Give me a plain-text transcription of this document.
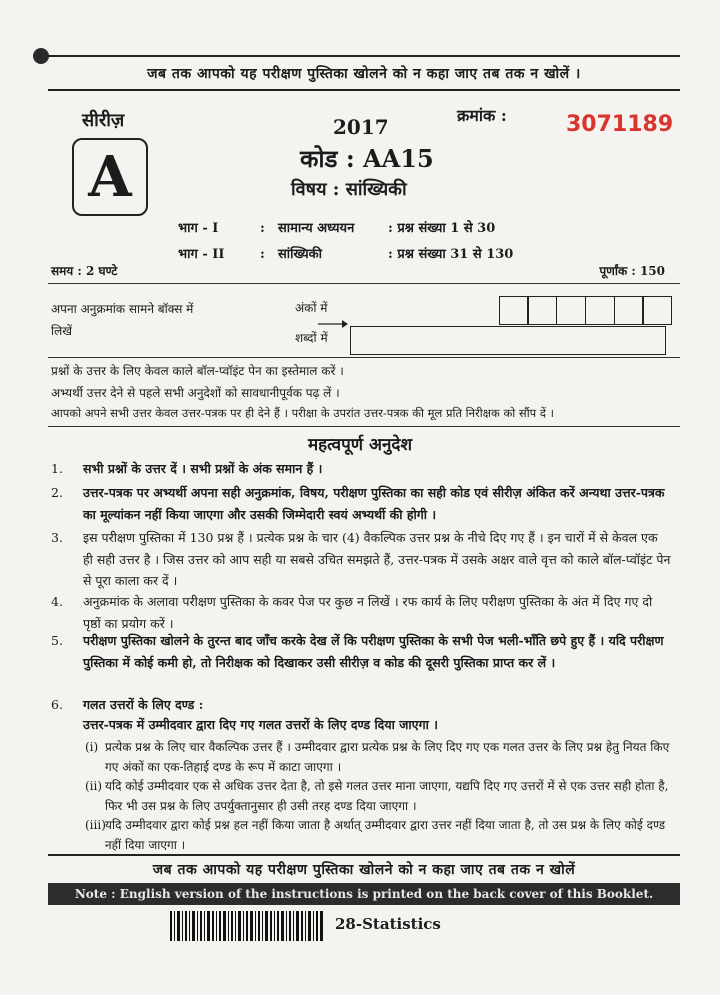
जब तक आपको यह परीक्षण पुस्तिका खोलने को न कहा जाए तब तक न खोलें ।
सीरीज़
A
2017
कोड : AA15
विषय : सांख्यिकी
क्रमांक :	3071189
भाग - I	: सामान्य अध्ययन	: प्रश्न संख्या 1 से 30
भाग - II	: सांख्यिकी	: प्रश्न संख्या 31 से 130
समय : 2 घण्टे	पूर्णांक : 150
अपना अनुक्रमांक सामने बॉक्स में
लिखें
अंकों में
शब्दों में
प्रश्नों के उत्तर के लिए केवल काले बॉल-प्वॉइंट पेन का इस्तेमाल करें ।
अभ्यर्थी उत्तर देने से पहले सभी अनुदेशों को सावधानीपूर्वक पढ़ लें ।
आपको अपने सभी उत्तर केवल उत्तर-पत्रक पर ही देने हैं । परीक्षा के उपरांत उत्तर-पत्रक की मूल प्रति निरीक्षक को सौंप दें ।
महत्वपूर्ण अनुदेश
1. सभी प्रश्नों के उत्तर दें । सभी प्रश्नों के अंक समान हैं ।
2. उत्तर-पत्रक पर अभ्यर्थी अपना सही अनुक्रमांक, विषय, परीक्षण पुस्तिका का सही कोड एवं सीरीज़ अंकित करें अन्यथा उत्तर-पत्रक का मूल्यांकन नहीं किया जाएगा और उसकी जिम्मेदारी स्वयं अभ्यर्थी की होगी ।
3. इस परीक्षण पुस्तिका में 130 प्रश्न हैं । प्रत्येक प्रश्न के चार (4) वैकल्पिक उत्तर प्रश्न के नीचे दिए गए हैं । इन चारों में से केवल एक ही सही उत्तर है । जिस उत्तर को आप सही या सबसे उचित समझते हैं, उत्तर-पत्रक में उसके अक्षर वाले वृत्त को काले बॉल-प्वॉइंट पेन से पूरा काला कर दें ।
4. अनुक्रमांक के अलावा परीक्षण पुस्तिका के कवर पेज पर कुछ न लिखें । रफ कार्य के लिए परीक्षण पुस्तिका के अंत में दिए गए दो पृष्ठों का प्रयोग करें ।
5. परीक्षण पुस्तिका खोलने के तुरन्त बाद जाँच करके देख लें कि परीक्षण पुस्तिका के सभी पेज भली-भाँति छपे हुए हैं । यदि परीक्षण पुस्तिका में कोई कमी हो, तो निरीक्षक को दिखाकर उसी सीरीज़ व कोड की दूसरी पुस्तिका प्राप्त कर लें ।
6. गलत उत्तरों के लिए दण्ड :
उत्तर-पत्रक में उम्मीदवार द्वारा दिए गए गलत उत्तरों के लिए दण्ड दिया जाएगा ।
(i) प्रत्येक प्रश्न के लिए चार वैकल्पिक उत्तर हैं । उम्मीदवार द्वारा प्रत्येक प्रश्न के लिए दिए गए एक गलत उत्तर के लिए प्रश्न हेतु नियत किए गए अंकों का एक-तिहाई दण्ड के रूप में काटा जाएगा ।
(ii) यदि कोई उम्मीदवार एक से अधिक उत्तर देता है, तो इसे गलत उत्तर माना जाएगा, यद्यपि दिए गए उत्तरों में से एक उत्तर सही होता है, फिर भी उस प्रश्न के लिए उपर्युक्तानुसार ही उसी तरह दण्ड दिया जाएगा ।
(iii) यदि उम्मीदवार द्वारा कोई प्रश्न हल नहीं किया जाता है अर्थात् उम्मीदवार द्वारा उत्तर नहीं दिया जाता है, तो उस प्रश्न के लिए कोई दण्ड नहीं दिया जाएगा ।
जब तक आपको यह परीक्षण पुस्तिका खोलने को न कहा जाए तब तक न खोलें
Note : English version of the instructions is printed on the back cover of this Booklet.
28-Statistics
